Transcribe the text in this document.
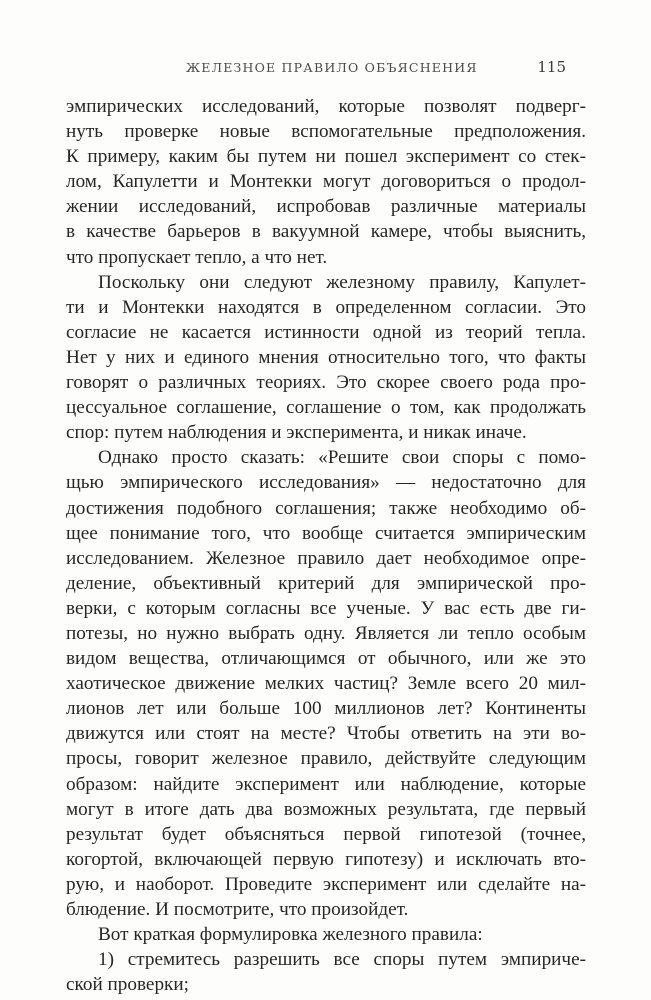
ЖЕЛЕЗНОЕ ПРАВИЛО ОБЪЯСНЕНИЯ	115
эмпирических исследований, которые позволят подверг-
нуть проверке новые вспомогательные предположения.
К примеру, каким бы путем ни пошел эксперимент со стек-
лом, Капулетти и Монтекки могут договориться о продол-
жении исследований, испробовав различные материалы
в качестве барьеров в вакуумной камере, чтобы выяснить,
что пропускает тепло, а что нет.
Поскольку они следуют железному правилу, Капулет-
ти и Монтекки находятся в определенном согласии. Это
согласие не касается истинности одной из теорий тепла.
Нет у них и единого мнения относительно того, что факты
говорят о различных теориях. Это скорее своего рода про-
цессуальное соглашение, соглашение о том, как продолжать
спор: путем наблюдения и эксперимента, и никак иначе.
Однако просто сказать: «Решите свои споры с помо-
щью эмпирического исследования» — недостаточно для
достижения подобного соглашения; также необходимо об-
щее понимание того, что вообще считается эмпирическим
исследованием. Железное правило дает необходимое опре-
деление, объективный критерий для эмпирической про-
верки, с которым согласны все ученые. У вас есть две ги-
потезы, но нужно выбрать одну. Является ли тепло особым
видом вещества, отличающимся от обычного, или же это
хаотическое движение мелких частиц? Земле всего 20 мил-
лионов лет или больше 100 миллионов лет? Континенты
движутся или стоят на месте? Чтобы ответить на эти во-
просы, говорит железное правило, действуйте следующим
образом: найдите эксперимент или наблюдение, которые
могут в итоге дать два возможных результата, где первый
результат будет объясняться первой гипотезой (точнее,
когортой, включающей первую гипотезу) и исключать вто-
рую, и наоборот. Проведите эксперимент или сделайте на-
блюдение. И посмотрите, что произойдет.
Вот краткая формулировка железного правила:
1) стремитесь разрешить все споры путем эмпириче-
ской проверки;
